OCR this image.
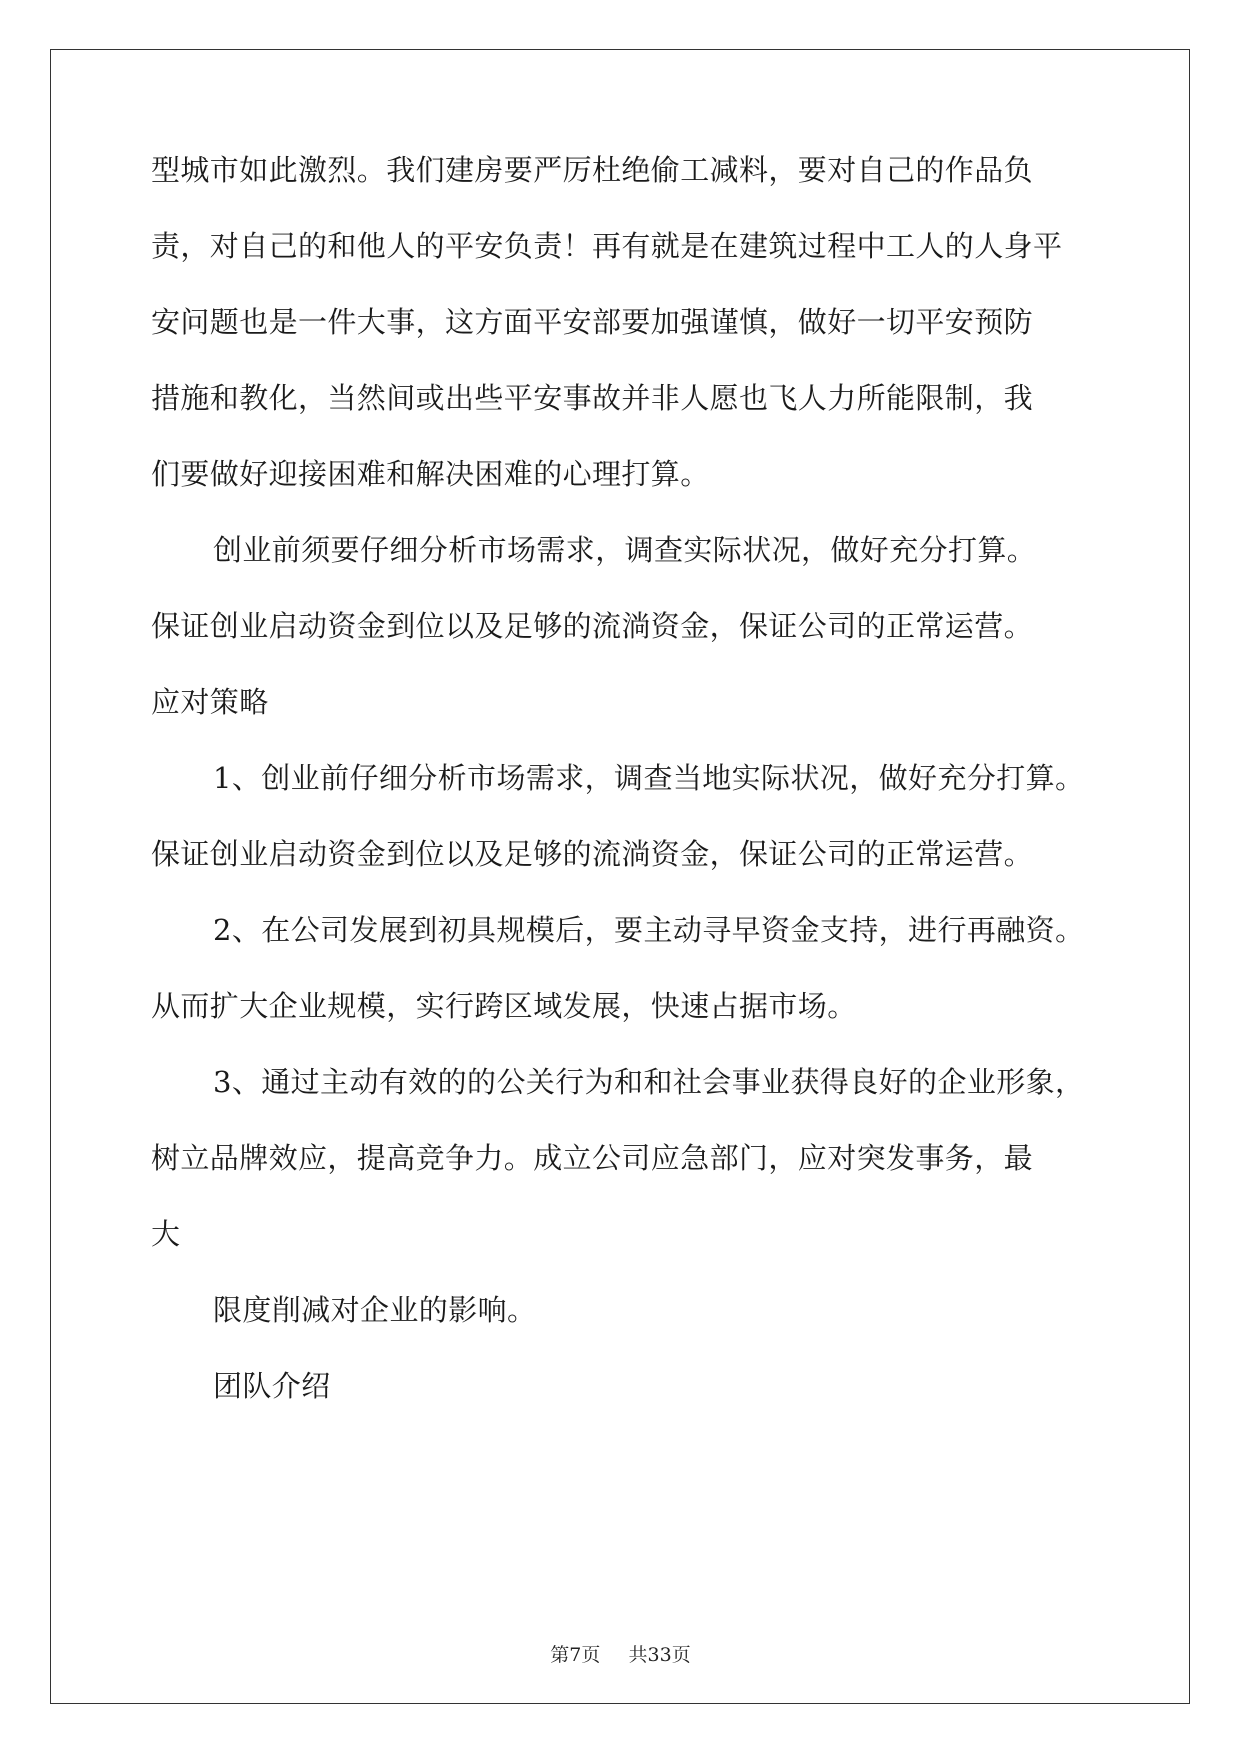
型城市如此激烈。我们建房要严厉杜绝偷工减料，要对自己的作品负
责，对自己的和他人的平安负责！再有就是在建筑过程中工人的人身平
安问题也是一件大事，这方面平安部要加强谨慎，做好一切平安预防
措施和教化，当然间或出些平安事故并非人愿也飞人力所能限制，我
们要做好迎接困难和解决困难的心理打算。
创业前须要仔细分析市场需求，调查实际状况，做好充分打算。
保证创业启动资金到位以及足够的流淌资金，保证公司的正常运营。
应对策略
1、创业前仔细分析市场需求，调查当地实际状况，做好充分打算。
保证创业启动资金到位以及足够的流淌资金，保证公司的正常运营。
2、在公司发展到初具规模后，要主动寻早资金支持，进行再融资。
从而扩大企业规模，实行跨区域发展，快速占据市场。
3、通过主动有效的的公关行为和和社会事业获得良好的企业形象，
树立品牌效应，提高竞争力。成立公司应急部门，应对突发事务，最
大
限度削减对企业的影响。
团队介绍
第7页 共33页
